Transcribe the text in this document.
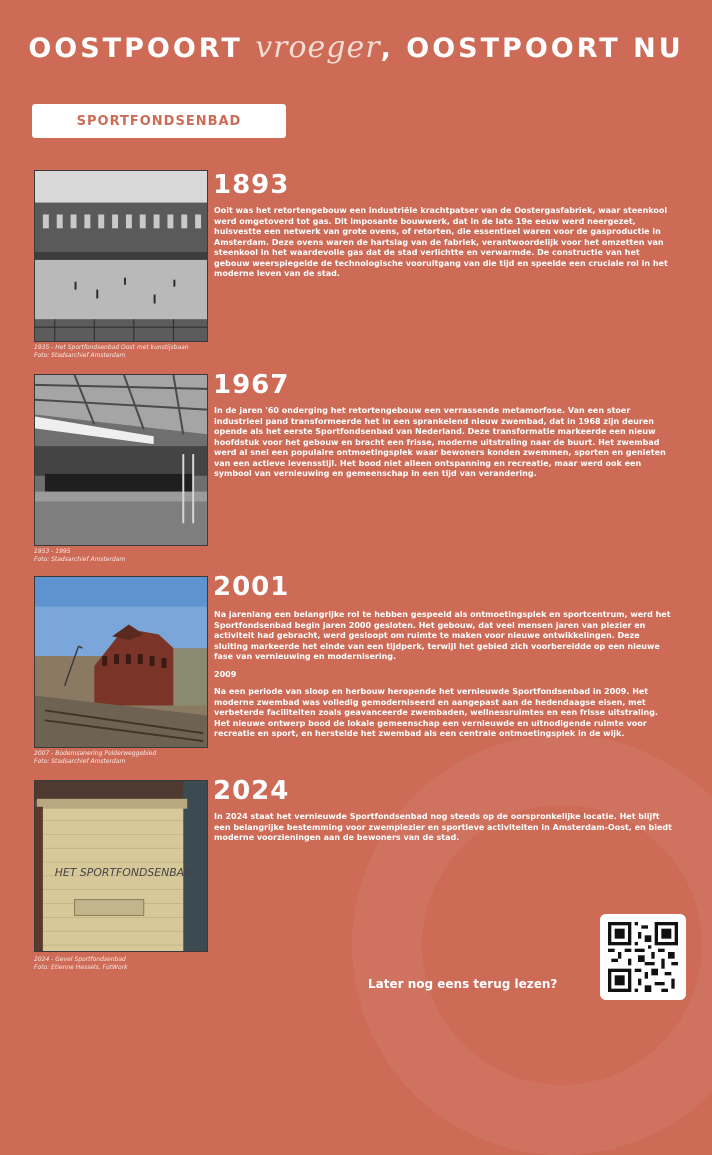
OOSTPOORT vroeger, OOSTPOORT NU
SPORTFONDSENBAD
1935 - Het Sportfondsenbad Oost met kunstijsbaan
Foto: Stadsarchief Amsterdam
1893

Ooit was het retortengebouw een industriële krachtpatser van de Oostergasfabriek, waar steenkool werd omgetoverd tot gas. Dit imposante bouwwerk, dat in de late 19e eeuw werd neergezet, huisvestte een netwerk van grote ovens, of retorten, die essentieel waren voor de gasproductie in Amsterdam. Deze ovens waren de hartslag van de fabriek, verantwoordelijk voor het omzetten van steenkool in het waardevolle gas dat de stad verlichtte en verwarmde. De constructie van het gebouw weerspiegelde de technologische vooruitgang van die tijd en speelde een cruciale rol in het moderne leven van de stad.

1953 - 1995
Foto: Stadsarchief Amsterdam
1967

In de jaren '60 onderging het retortengebouw een verrassende metamorfose. Van een stoer industrieel pand transformeerde het in een sprankelend nieuw zwembad, dat in 1968 zijn deuren opende als het eerste Sportfondsenbad van Nederland. Deze transformatie markeerde een nieuw hoofdstuk voor het gebouw en bracht een frisse, moderne uitstraling naar de buurt. Het zwembad werd al snel een populaire ontmoetingsplek waar bewoners konden zwemmen, sporten en genieten van een actieve levensstijl. Het bood niet alleen ontspanning en recreatie, maar werd ook een symbool van vernieuwing en gemeenschap in een tijd van verandering.

2007 - Bodemsanering Polderweggebied
Foto: Stadsarchief Amsterdam
2001

Na jarenlang een belangrijke rol te hebben gespeeld als ontmoetingsplek en sportcentrum, werd het Sportfondsenbad begin jaren 2000 gesloten. Het gebouw, dat veel mensen jaren van plezier en activiteit had gebracht, werd gesloopt om ruimte te maken voor nieuwe ontwikkelingen. Deze sluiting markeerde het einde van een tijdperk, terwijl het gebied zich voorbereidde op een nieuwe fase van vernieuwing en modernisering.

2009

Na een periode van sloop en herbouw heropende het vernieuwde Sportfondsenbad in 2009. Het moderne zwembad was volledig gemoderniseerd en aangepast aan de hedendaagse eisen, met verbeterde faciliteiten zoals geavanceerde zwembaden, wellnessruimtes en een frisse uitstraling. Het nieuwe ontwerp bood de lokale gemeenschap een vernieuwde en uitnodigende ruimte voor recreatie en sport, en herstelde het zwembad als een centrale ontmoetingsplek in de wijk.

HET SPORTFONDSENBAD
2024 - Gevel Sportfondsenbad
Foto: Etienne Hessels, FotWork
2024

In 2024 staat het vernieuwde Sportfondsenbad nog steeds op de oorspronkelijke locatie. Het blijft een belangrijke bestemming voor zwemplezier en sportieve activiteiten in Amsterdam-Oost, en biedt moderne voorzieningen aan de bewoners van de stad.

Later nog eens terug lezen?
